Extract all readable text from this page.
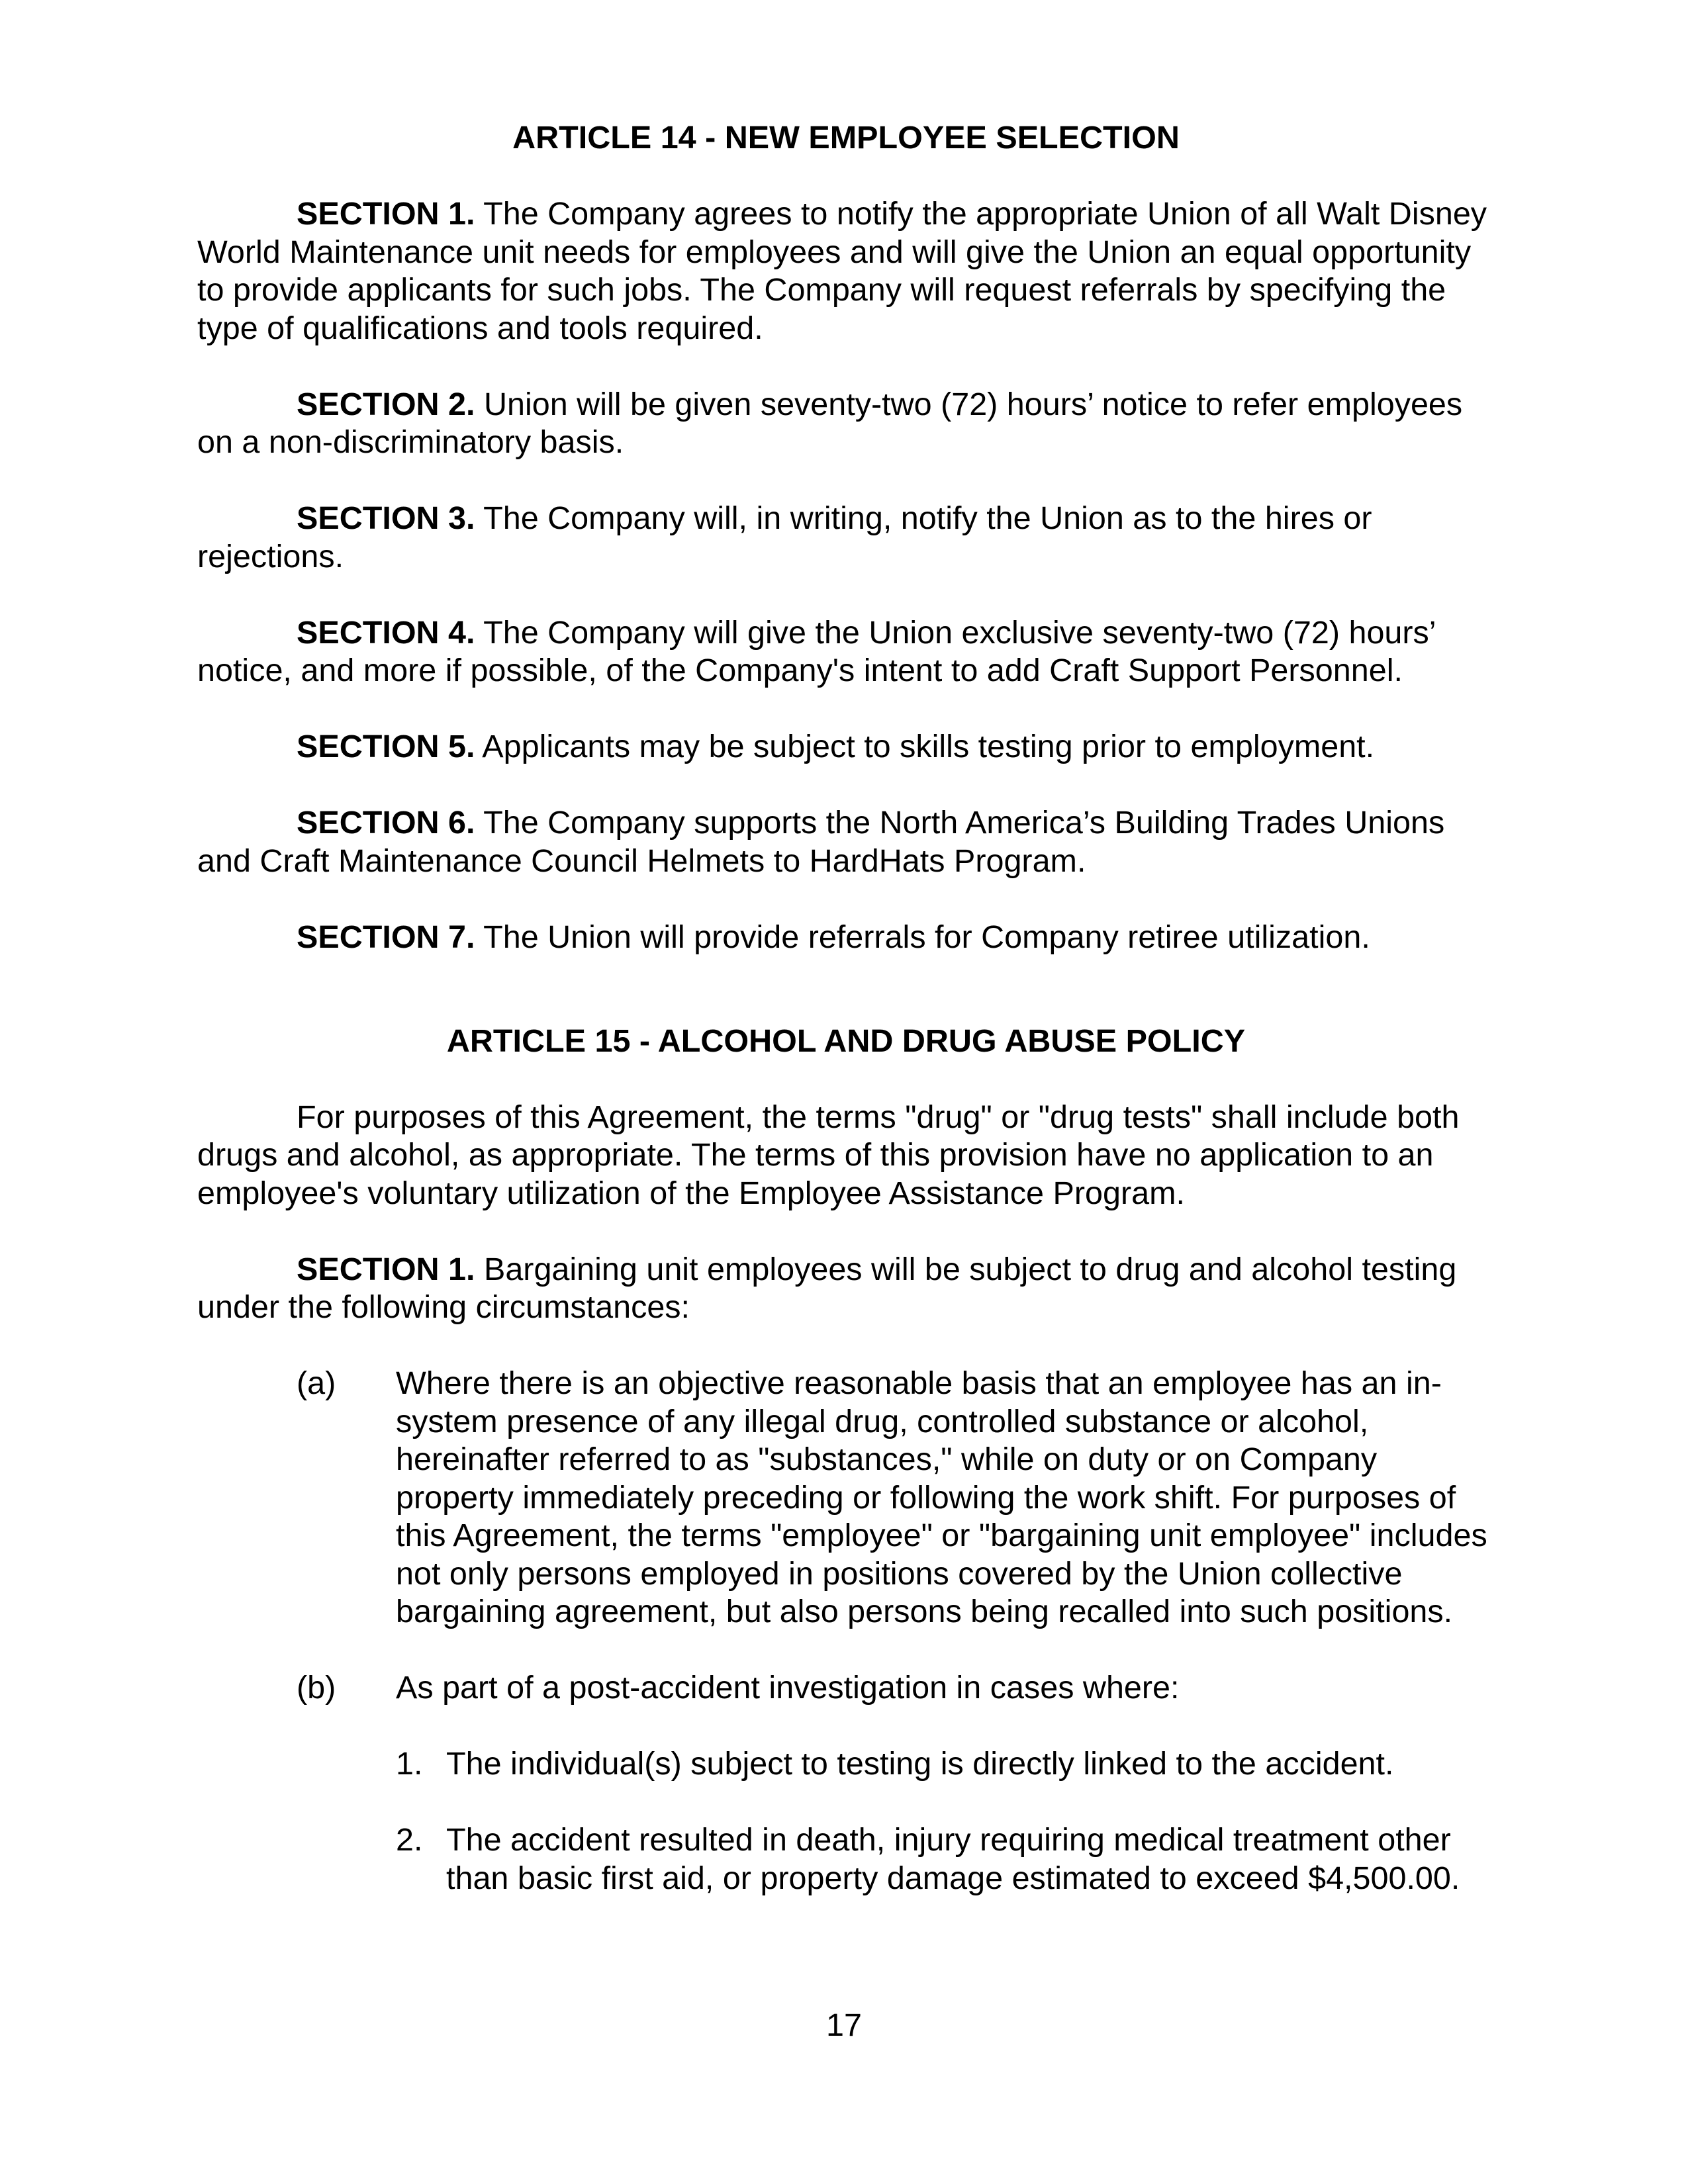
ARTICLE 14 - NEW EMPLOYEE SELECTION

SECTION 1. The Company agrees to notify the appropriate Union of all Walt Disney World Maintenance unit needs for employees and will give the Union an equal opportunity to provide applicants for such jobs. The Company will request referrals by specifying the type of qualifications and tools required.

SECTION 2. Union will be given seventy-two (72) hours’ notice to refer employees on a non-discriminatory basis.

SECTION 3. The Company will, in writing, notify the Union as to the hires or rejections.

SECTION 4. The Company will give the Union exclusive seventy-two (72) hours’ notice, and more if possible, of the Company's intent to add Craft Support Personnel.

SECTION 5. Applicants may be subject to skills testing prior to employment.

SECTION 6. The Company supports the North America’s Building Trades Unions and Craft Maintenance Council Helmets to HardHats Program.

SECTION 7. The Union will provide referrals for Company retiree utilization.

ARTICLE 15 - ALCOHOL AND DRUG ABUSE POLICY

For purposes of this Agreement, the terms "drug" or "drug tests" shall include both drugs and alcohol, as appropriate. The terms of this provision have no application to an employee's voluntary utilization of the Employee Assistance Program.

SECTION 1. Bargaining unit employees will be subject to drug and alcohol testing under the following circumstances:

(a) Where there is an objective reasonable basis that an employee has an in-system presence of any illegal drug, controlled substance or alcohol, hereinafter referred to as "substances," while on duty or on Company property immediately preceding or following the work shift. For purposes of this Agreement, the terms "employee" or "bargaining unit employee" includes not only persons employed in positions covered by the Union collective bargaining agreement, but also persons being recalled into such positions.
(b) As part of a post-accident investigation in cases where:
1. The individual(s) subject to testing is directly linked to the accident.
2. The accident resulted in death, injury requiring medical treatment other than basic first aid, or property damage estimated to exceed $4,500.00.
17
